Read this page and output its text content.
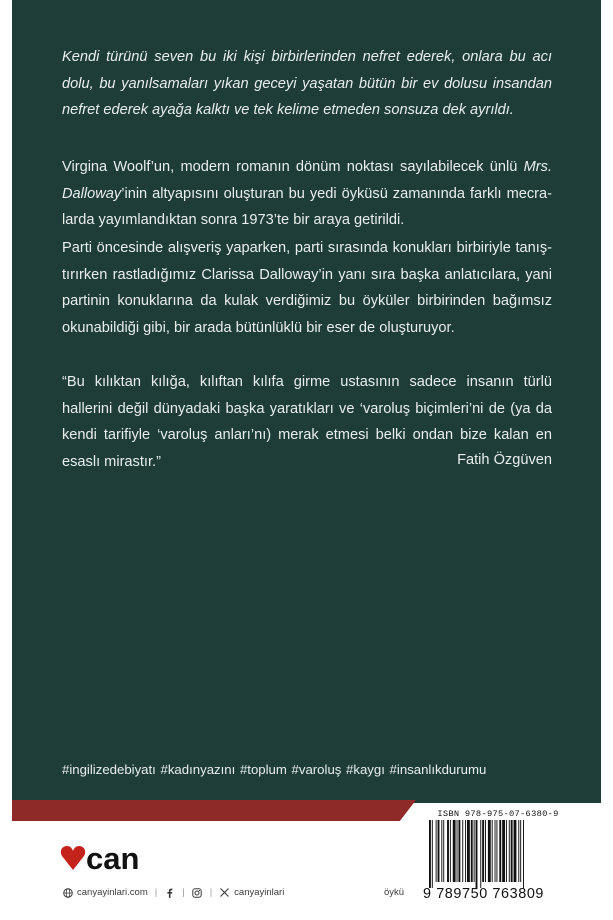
Kendi türünü seven bu iki kişi birbirlerinden nefret ederek, onlara bu acı dolu, bu yanılsamaları yıkan geceyi yaşatan bütün bir ev dolusu insandan nefret ederek ayağa kalktı ve tek kelime etmeden sonsuza dek ayrıldı.

Virgina Woolf’un, modern romanın dönüm noktası sayılabilecek ünlü Mrs. Dalloway’inin altyapısını oluşturan bu yedi öyküsü zamanında farklı mecralarda yayımlandıktan sonra 1973’te bir araya getirildi.

Parti öncesinde alışveriş yaparken, parti sırasında konukları birbiriyle tanıştırırken rastladığımız Clarissa Dalloway’in yanı sıra başka anlatıcılara, yani partinin konuklarına da kulak verdiğimiz bu öyküler birbirinden bağımsız okunabildiği gibi, bir arada bütünlüklü bir eser de oluşturuyor.

“Bu kılıktan kılığa, kılıftan kılıfa girme ustasının sadece insanın türlü hallerini değil dünyadaki başka yaratıkları ve ‘varoluş biçimleri’ni de (ya da kendi tarifiyle ‘varoluş anları’nı) merak etmesi belki ondan bize kalan en esaslı mirastır.”	Fatih Özgüven
#ingilizedebiyatı #kadınyazını #toplum #varoluş #kaygı #insanlıkdurumu
can
canyayinlari.com |	|	| canyayinlari	öykü
ISBN 978-975-07-6380-9
9 789750 763809
